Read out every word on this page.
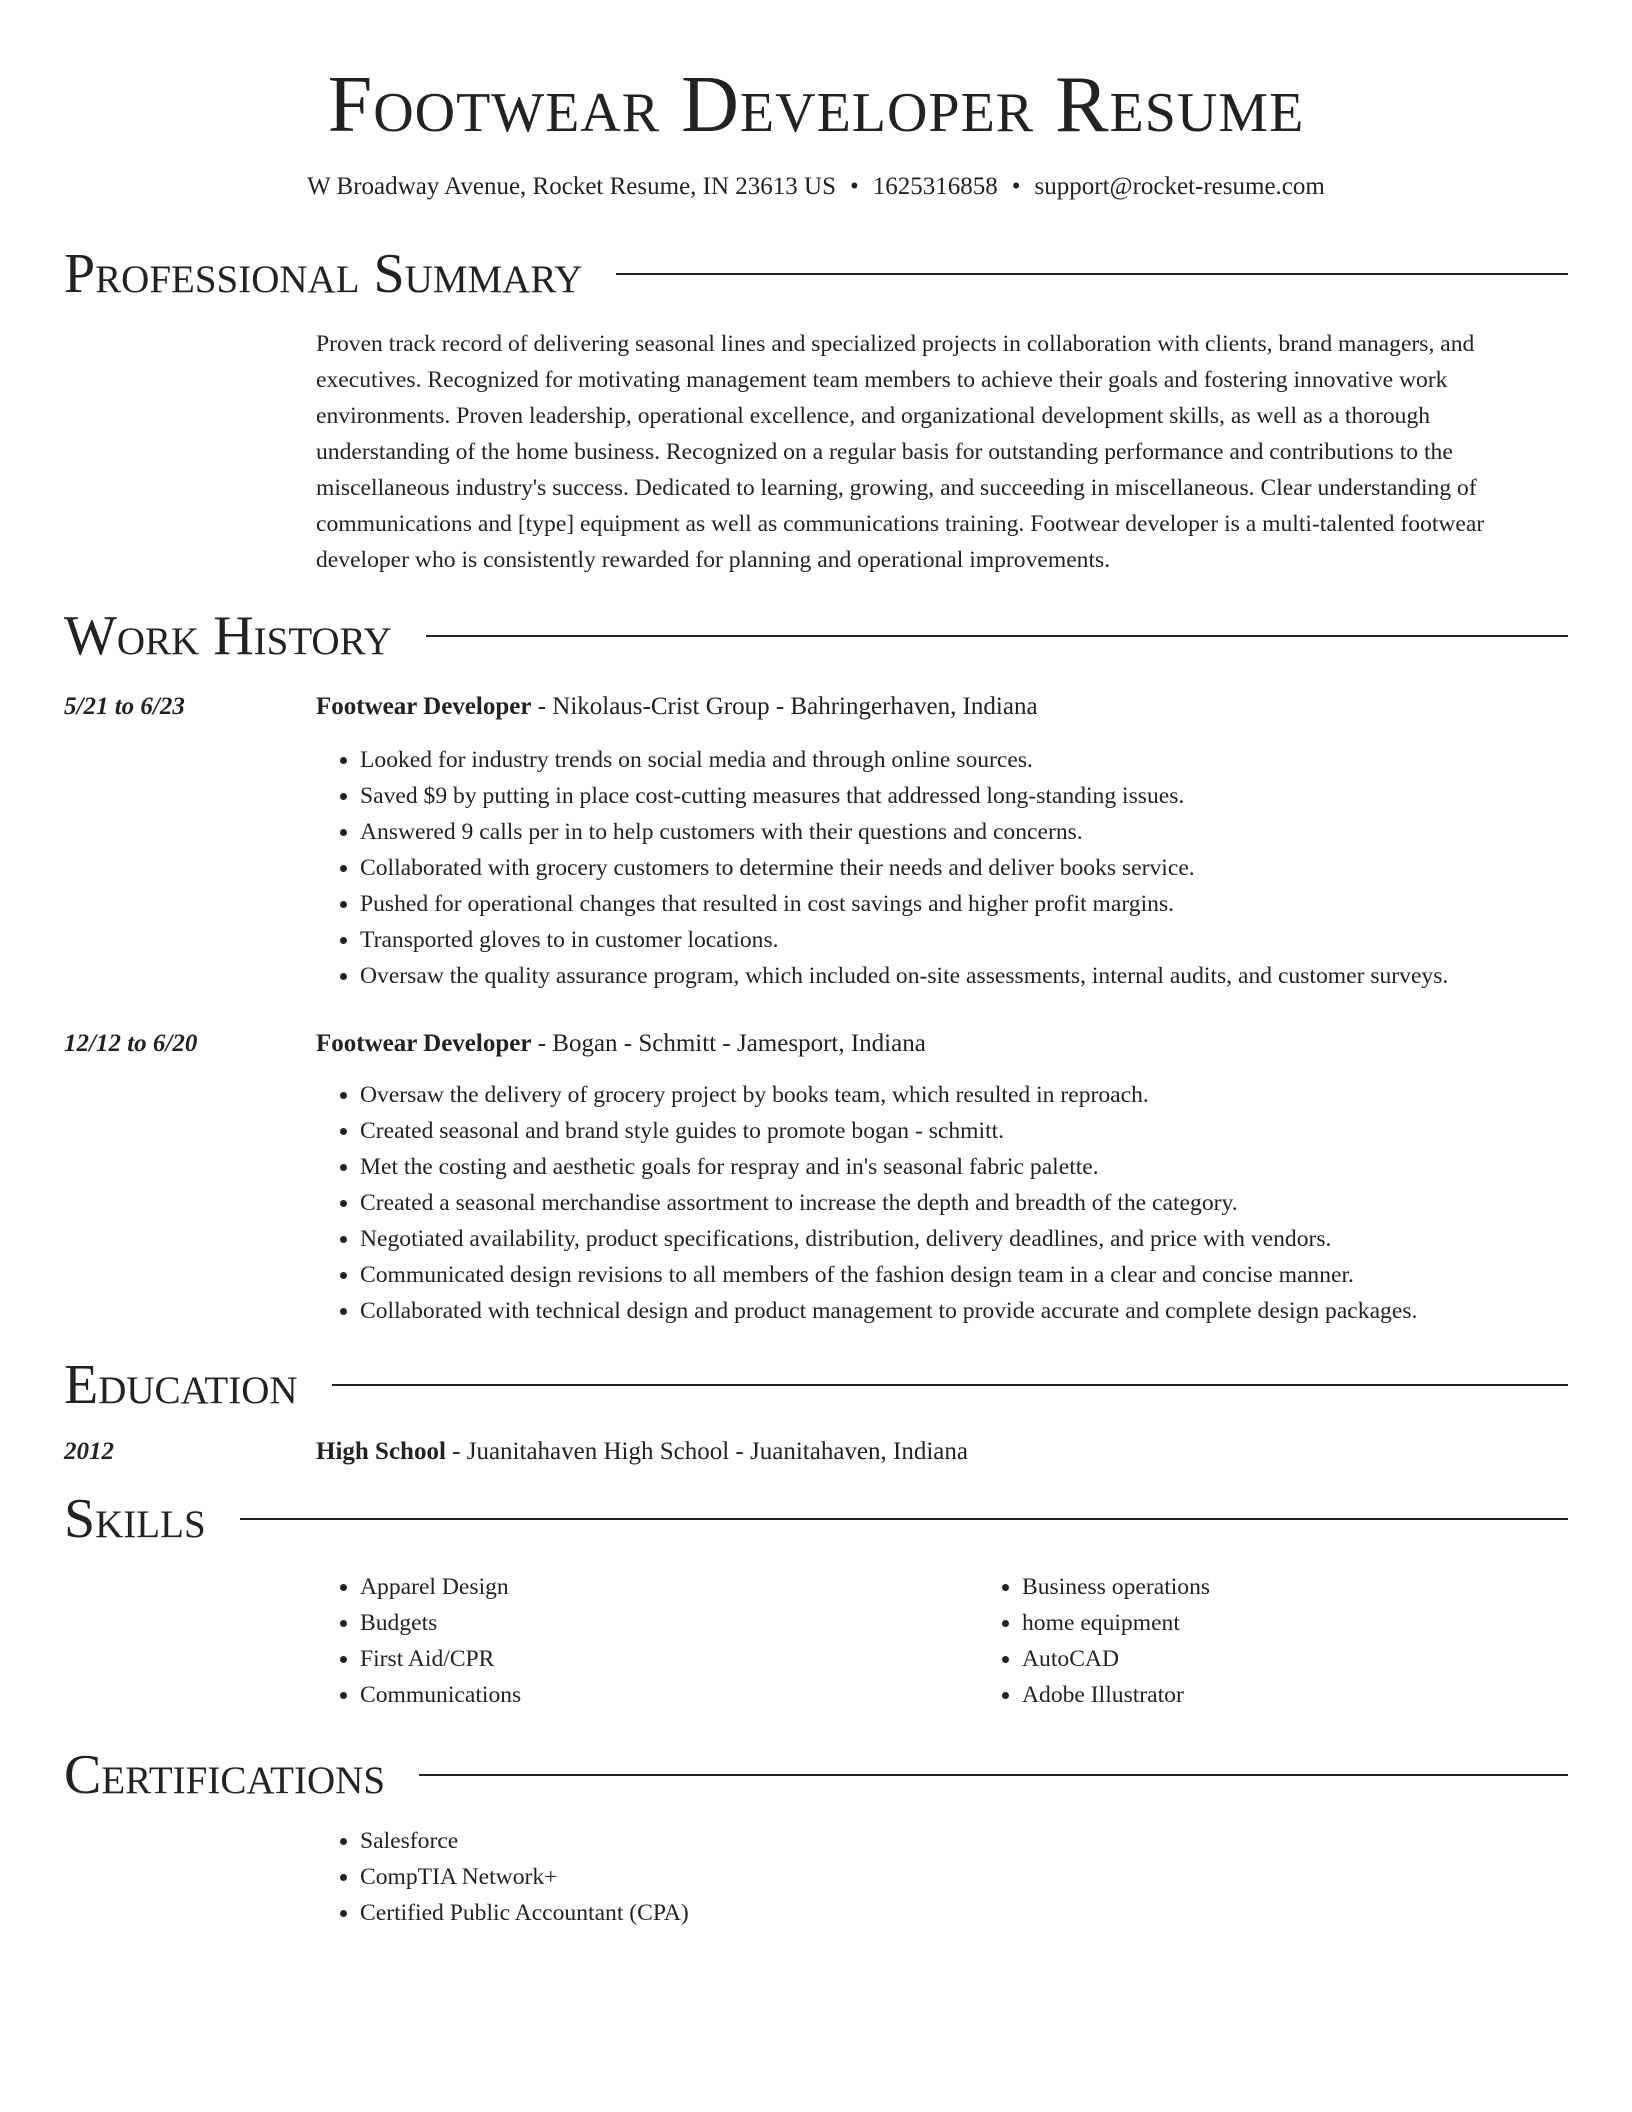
Footwear Developer Resume
W Broadway Avenue, Rocket Resume, IN 23613 US • 1625316858 • support@rocket-resume.com
Professional Summary

Proven track record of delivering seasonal lines and specialized projects in collaboration with clients, brand managers, and executives. Recognized for motivating management team members to achieve their goals and fostering innovative work environments. Proven leadership, operational excellence, and organizational development skills, as well as a thorough understanding of the home business. Recognized on a regular basis for outstanding performance and contributions to the miscellaneous industry's success. Dedicated to learning, growing, and succeeding in miscellaneous. Clear understanding of communications and [type] equipment as well as communications training. Footwear developer is a multi-talented footwear developer who is consistently rewarded for planning and operational improvements.

Work History
5/21 to 6/23	Footwear Developer - Nikolaus-Crist Group - Bahringerhaven, Indiana
• Looked for industry trends on social media and through online sources.
• Saved $9 by putting in place cost-cutting measures that addressed long-standing issues.
• Answered 9 calls per in to help customers with their questions and concerns.
• Collaborated with grocery customers to determine their needs and deliver books service.
• Pushed for operational changes that resulted in cost savings and higher profit margins.
• Transported gloves to in customer locations.
• Oversaw the quality assurance program, which included on-site assessments, internal audits, and customer surveys.
12/12 to 6/20	Footwear Developer - Bogan - Schmitt - Jamesport, Indiana
• Oversaw the delivery of grocery project by books team, which resulted in reproach.
• Created seasonal and brand style guides to promote bogan - schmitt.
• Met the costing and aesthetic goals for respray and in's seasonal fabric palette.
• Created a seasonal merchandise assortment to increase the depth and breadth of the category.
• Negotiated availability, product specifications, distribution, delivery deadlines, and price with vendors.
• Communicated design revisions to all members of the fashion design team in a clear and concise manner.
• Collaborated with technical design and product management to provide accurate and complete design packages.
Education
2012	High School - Juanitahaven High School - Juanitahaven, Indiana
Skills
• Apparel Design
• Budgets
• First Aid/CPR
• Communications
• Business operations
• home equipment
• AutoCAD
• Adobe Illustrator
Certifications
• Salesforce
• CompTIA Network+
• Certified Public Accountant (CPA)
